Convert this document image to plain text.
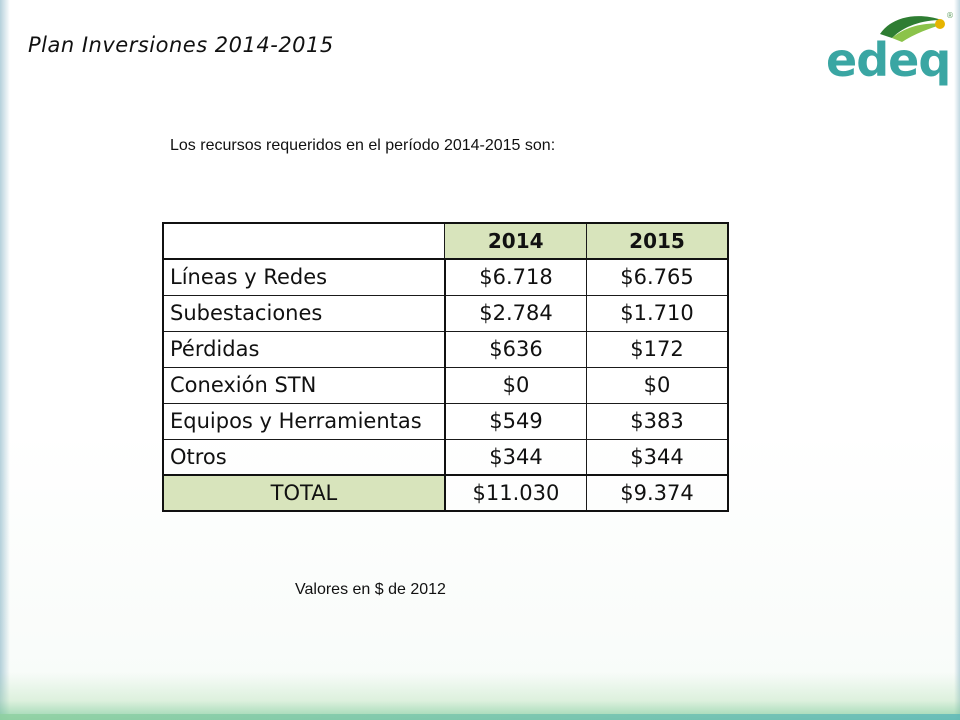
Plan Inversiones 2014-2015
®
edeq
Los recursos requeridos en el período 2014-2015 son:
	2014	2015
Líneas y Redes	$6.718	$6.765
Subestaciones	$2.784	$1.710
Pérdidas	$636	$172
Conexión STN	$0	$0
Equipos y Herramientas	$549	$383
Otros	$344	$344
TOTAL	$11.030	$9.374
Valores en $ de 2012
